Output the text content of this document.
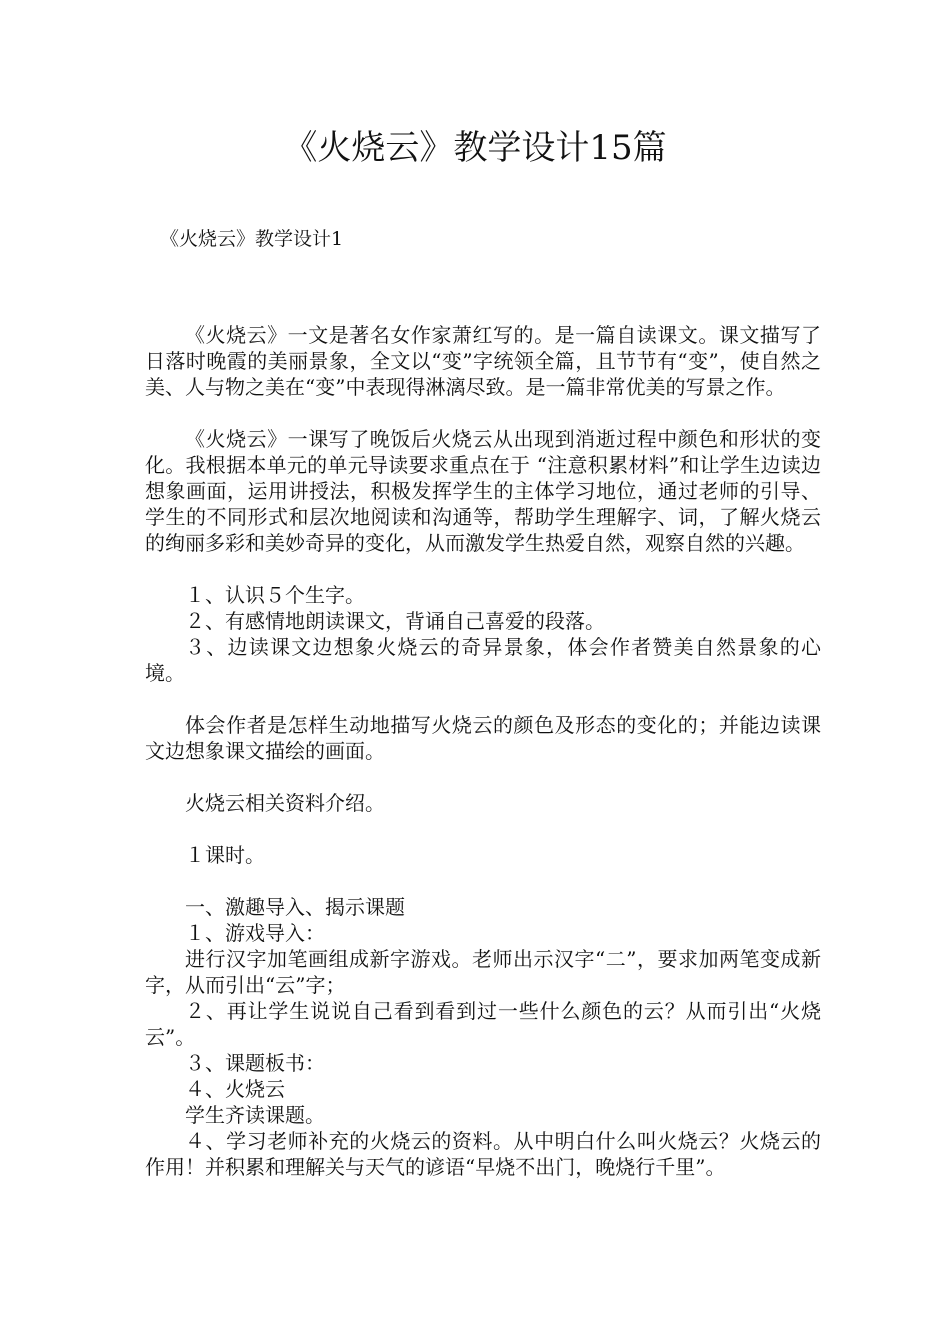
《火烧云》教学设计15篇
《火烧云》教学设计1

《火烧云》一文是著名女作家萧红写的。是一篇自读课文。课文描写了日落时晚霞的美丽景象，全文以“变”字统领全篇，且节节有“变”，使自然之美、人与物之美在“变”中表现得淋漓尽致。是一篇非常优美的写景之作。

《火烧云》一课写了晚饭后火烧云从出现到消逝过程中颜色和形状的变化。我根据本单元的单元导读要求重点在于 “注意积累材料”和让学生边读边想象画面，运用讲授法，积极发挥学生的主体学习地位，通过老师的引导、学生的不同形式和层次地阅读和沟通等，帮助学生理解字、词，了解火烧云的绚丽多彩和美妙奇异的变化，从而激发学生热爱自然，观察自然的兴趣。

１、认识５个生字。

２、有感情地朗读课文，背诵自己喜爱的段落。

３、边读课文边想象火烧云的奇异景象，体会作者赞美自然景象的心境。

体会作者是怎样生动地描写火烧云的颜色及形态的变化的；并能边读课文边想象课文描绘的画面。

火烧云相关资料介绍。

１课时。

一、激趣导入、揭示课题

１、游戏导入：

进行汉字加笔画组成新字游戏。老师出示汉字“二”，要求加两笔变成新字，从而引出“云”字；

２、再让学生说说自己看到看到过一些什么颜色的云？从而引出“火烧云”。

３、课题板书：

４、火烧云

学生齐读课题。

４、学习老师补充的火烧云的资料。从中明白什么叫火烧云？火烧云的作用！并积累和理解关与天气的谚语“早烧不出门，晚烧行千里”。
